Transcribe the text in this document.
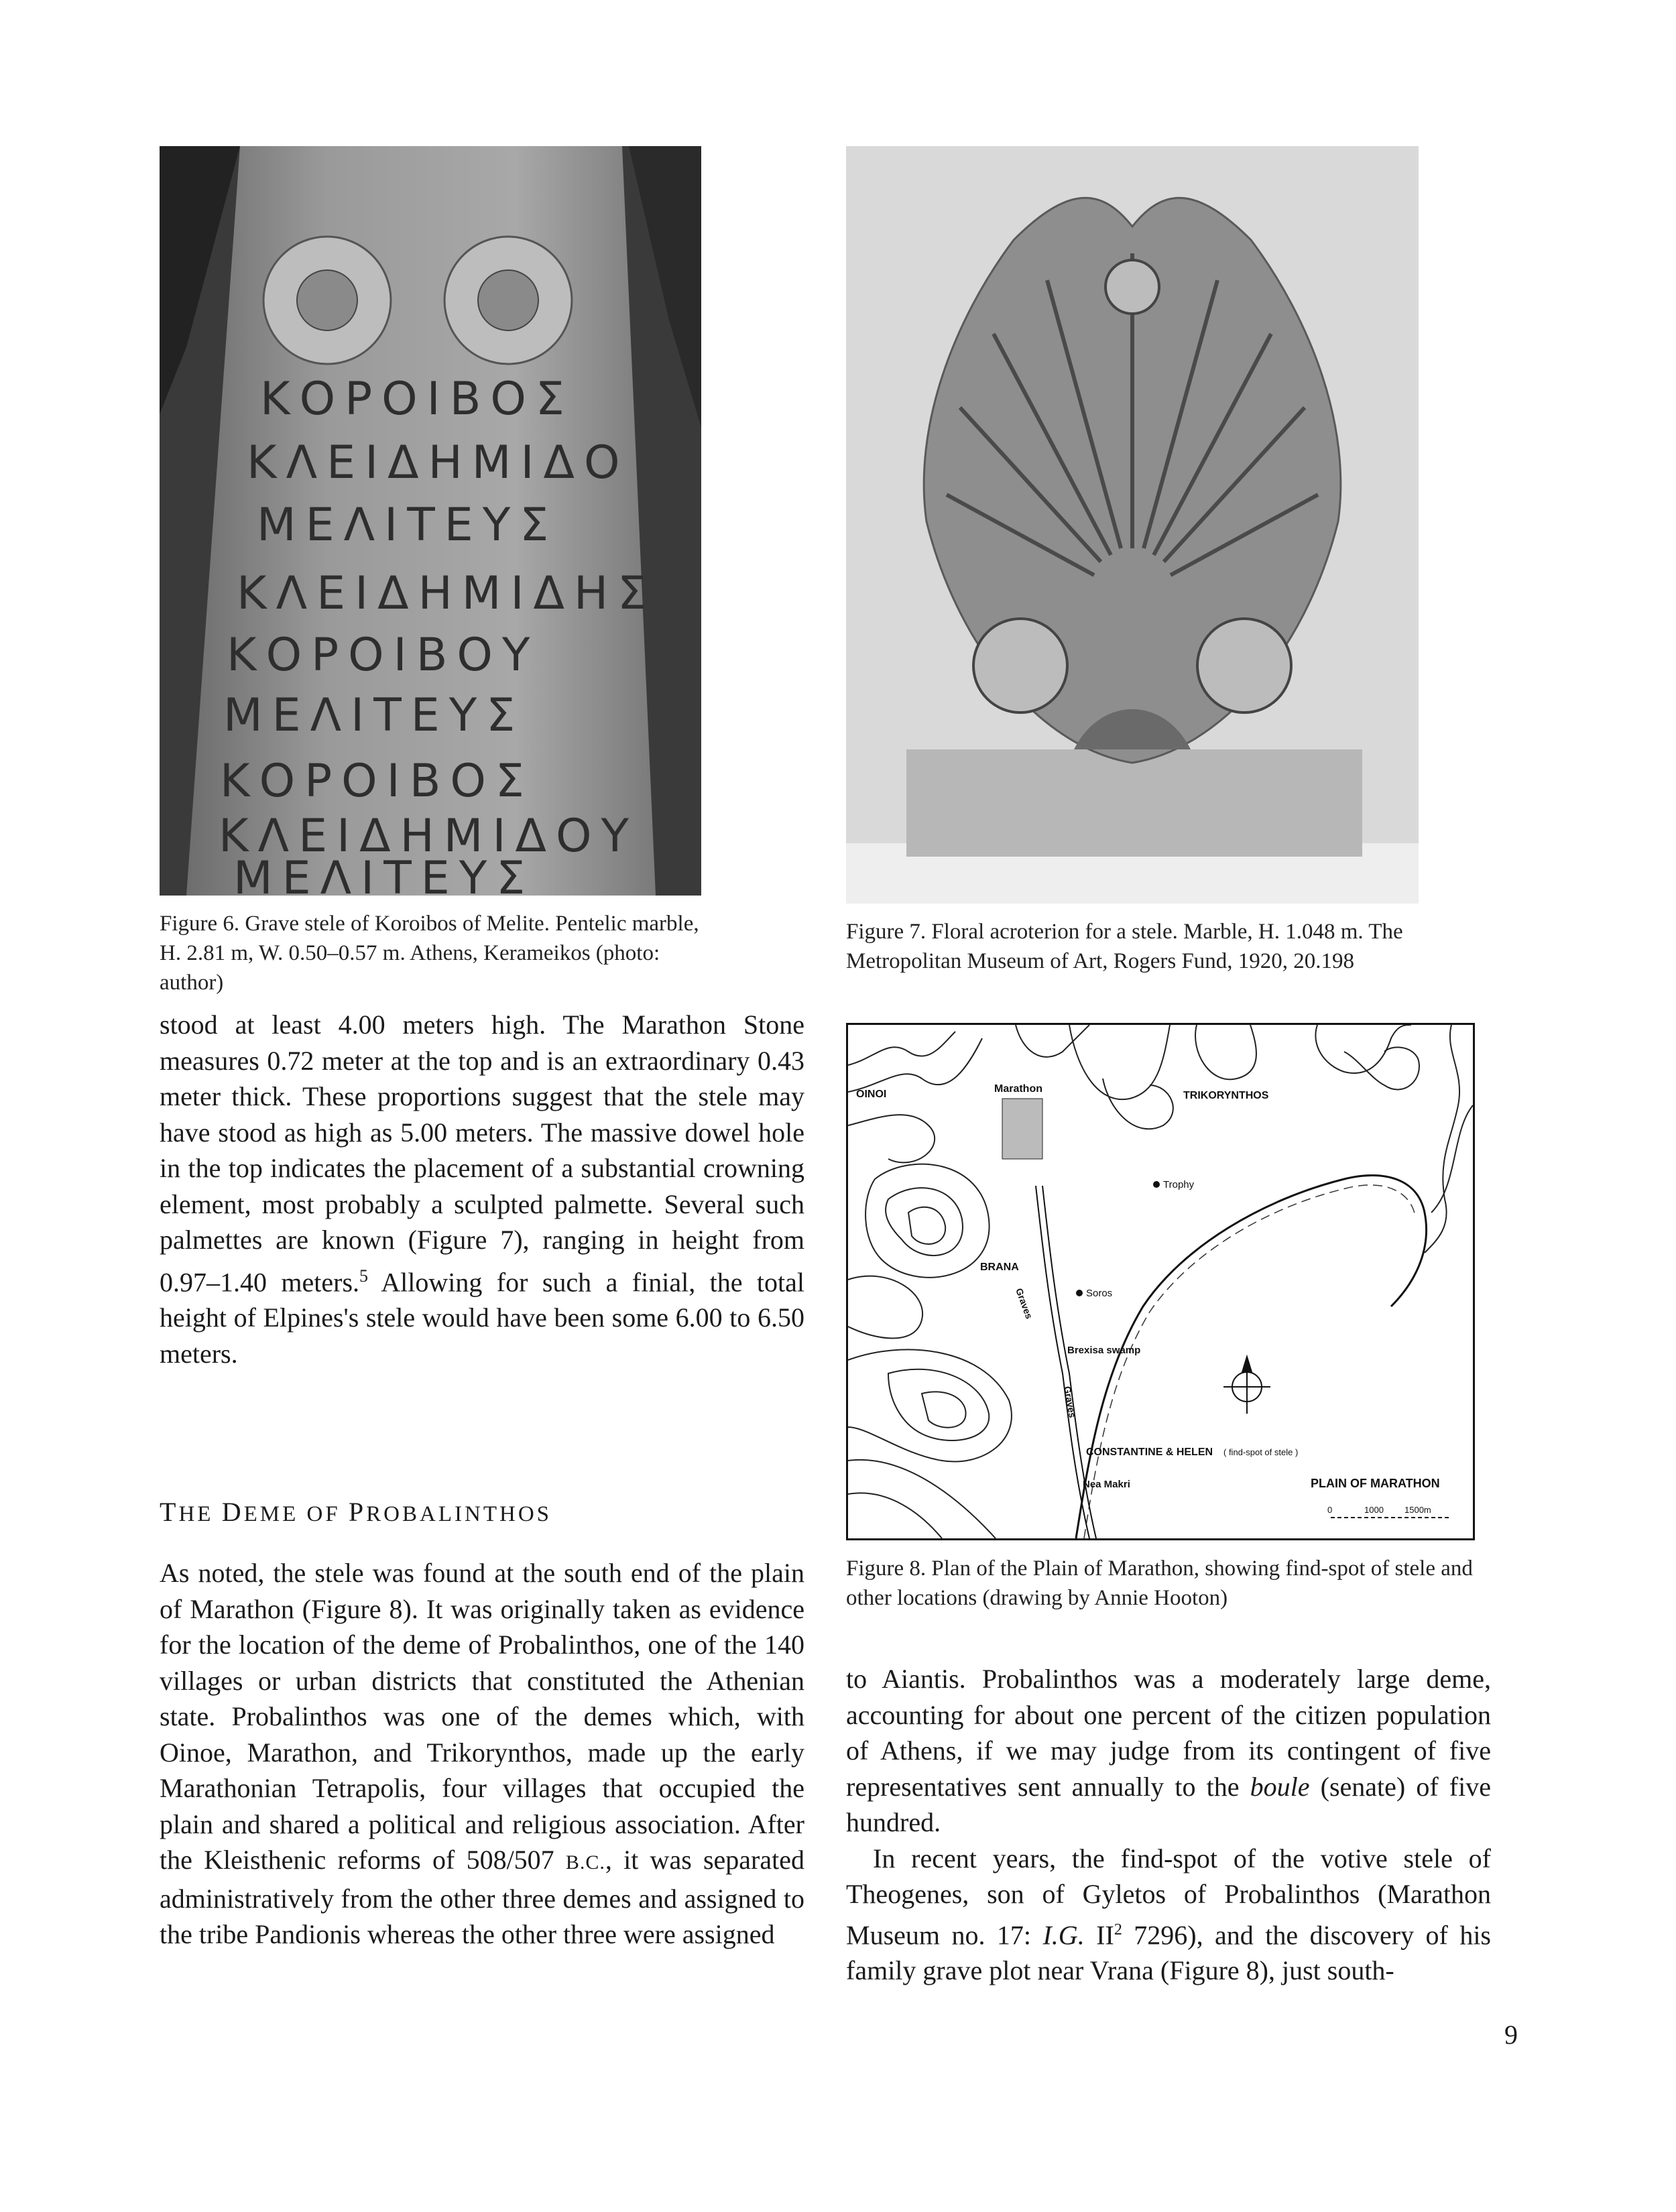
ΚΟΡΟΙΒΟΣ
ΚΛΕΙΔΗΜΙΔΟ
ΜΕΛΙΤΕΥΣ
ΚΛΕΙΔΗΜΙΔΗΣ
ΚΟΡΟΙΒΟΥ
ΜΕΛΙΤΕΥΣ
ΚΟΡΟΙΒΟΣ
ΚΛΕΙΔΗΜΙΔΟΥ
ΜΕΛΙΤΕΥΣ
Figure 6. Grave stele of Koroibos of Melite. Pentelic marble, H. 2.81 m, W. 0.50–0.57 m. Athens, Kerameikos (photo: author)
Figure 7. Floral acroterion for a stele. Marble, H. 1.048 m. The Metropolitan Museum of Art, Rogers Fund, 1920, 20.198
OINOI	Marathon
TRIKORYNTHOS
Trophy
BRANA
Graves	Soros
Brexisa swamp
Graves
CONSTANTINE & HELEN ( find-spot of stele )
Nea Makri	PLAIN OF MARATHON
0	1000 1500m
Figure 8. Plan of the Plain of Marathon, showing find-spot of stele and other locations (drawing by Annie Hooton)

stood at least 4.00 meters high. The Marathon Stone measures 0.72 meter at the top and is an extraordinary 0.43 meter thick. These proportions suggest that the stele may have stood as high as 5.00 meters. The massive dowel hole in the top indicates the placement of a substantial crowning element, most probably a sculpted palmette. Several such palmettes are known (Figure 7), ranging in height from 0.97–1.40 meters.$^5$ Allowing for such a finial, the total height of Elpines's stele would have been some 6.00 to 6.50 meters.

THE DEME OF PROBALINTHOS

As noted, the stele was found at the south end of the plain of Marathon (Figure 8). It was originally taken as evidence for the location of the deme of Probalinthos, one of the 140 villages or urban districts that constituted the Athenian state. Probalinthos was one of the demes which, with Oinoe, Marathon, and Trikorynthos, made up the early Marathonian Tetrapolis, four villages that occupied the plain and shared a political and religious association. After the Kleisthenic reforms of 508/507 B.C., it was separated administratively from the other three demes and assigned to the tribe Pandionis whereas the other three were assigned

to Aiantis. Probalinthos was a moderately large deme, accounting for about one percent of the citizen population of Athens, if we may judge from its contingent of five representatives sent annually to the boule (senate) of five hundred.

In recent years, the find-spot of the votive stele of Theogenes, son of Gyletos of Probalinthos (Marathon Museum no. 17: I.G. $II^2$ 7296), and the discovery of his family grave plot near Vrana (Figure 8), just south-

9
